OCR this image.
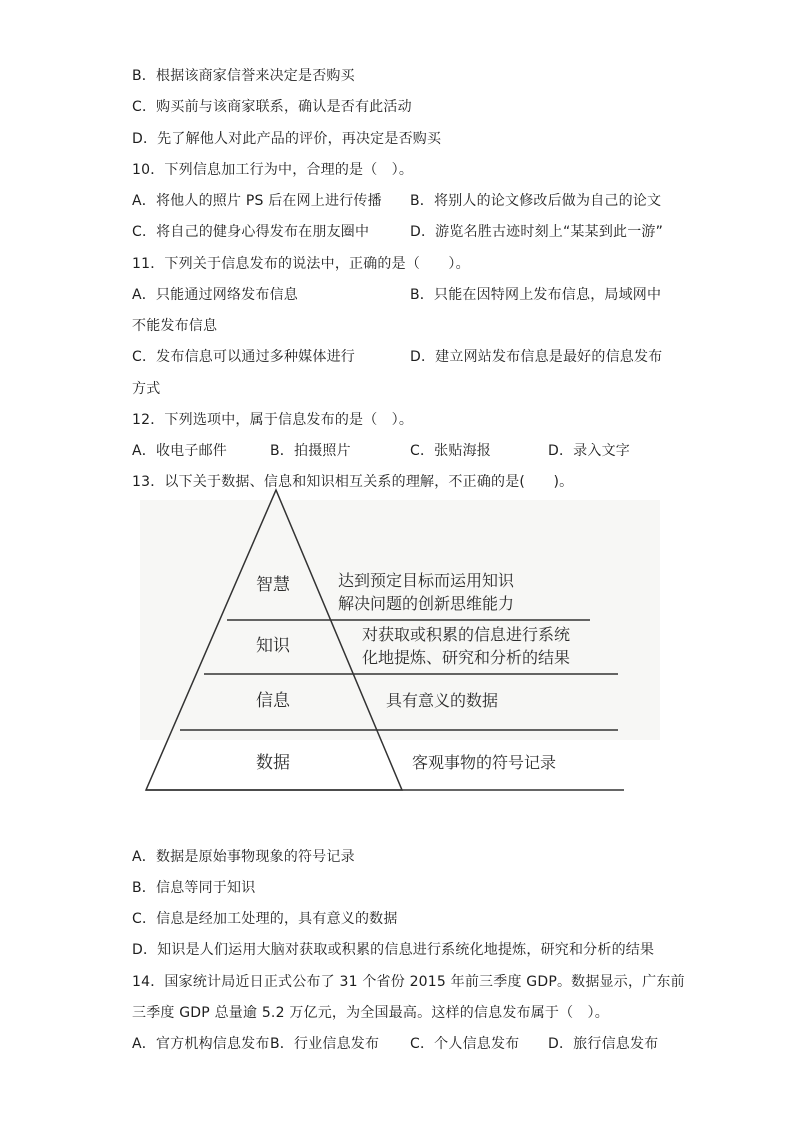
B．根据该商家信誉来决定是否购买
C．购买前与该商家联系，确认是否有此活动
D．先了解他人对此产品的评价，再决定是否购买
10．下列信息加工行为中，合理的是（　）。
A．将他人的照片 PS 后在网上进行传播 B．将别人的论文修改后做为自己的论文
C．将自己的健身心得发布在朋友圈中	D．游览名胜古迹时刻上“某某到此一游”
11．下列关于信息发布的说法中，正确的是（　　）。
A．只能通过网络发布信息	B．只能在因特网上发布信息，局域网中
不能发布信息
C．发布信息可以通过多种媒体进行	D．建立网站发布信息是最好的信息发布
方式
12．下列选项中，属于信息发布的是（　）。
A．收电子邮件	B．拍摄照片	C．张贴海报	D．录入文字
13．以下关于数据、信息和知识相互关系的理解，不正确的是(　　)。
智慧
知识
信息
数据
达到预定目标而运用知识
解决问题的创新思维能力
对获取或积累的信息进行系统
化地提炼、研究和分析的结果
具有意义的数据
客观事物的符号记录
A．数据是原始事物现象的符号记录
B．信息等同于知识
C．信息是经加工处理的，具有意义的数据
D．知识是人们运用大脑对获取或积累的信息进行系统化地提炼，研究和分析的结果
14．国家统计局近日正式公布了 31 个省份 2015 年前三季度 GDP。数据显示，广东前
三季度 GDP 总量逾 5.2 万亿元，为全国最高。这样的信息发布属于（　）。
A．官方机构信息发布 B．行业信息发布 C．个人信息发布 D．旅行信息发布
